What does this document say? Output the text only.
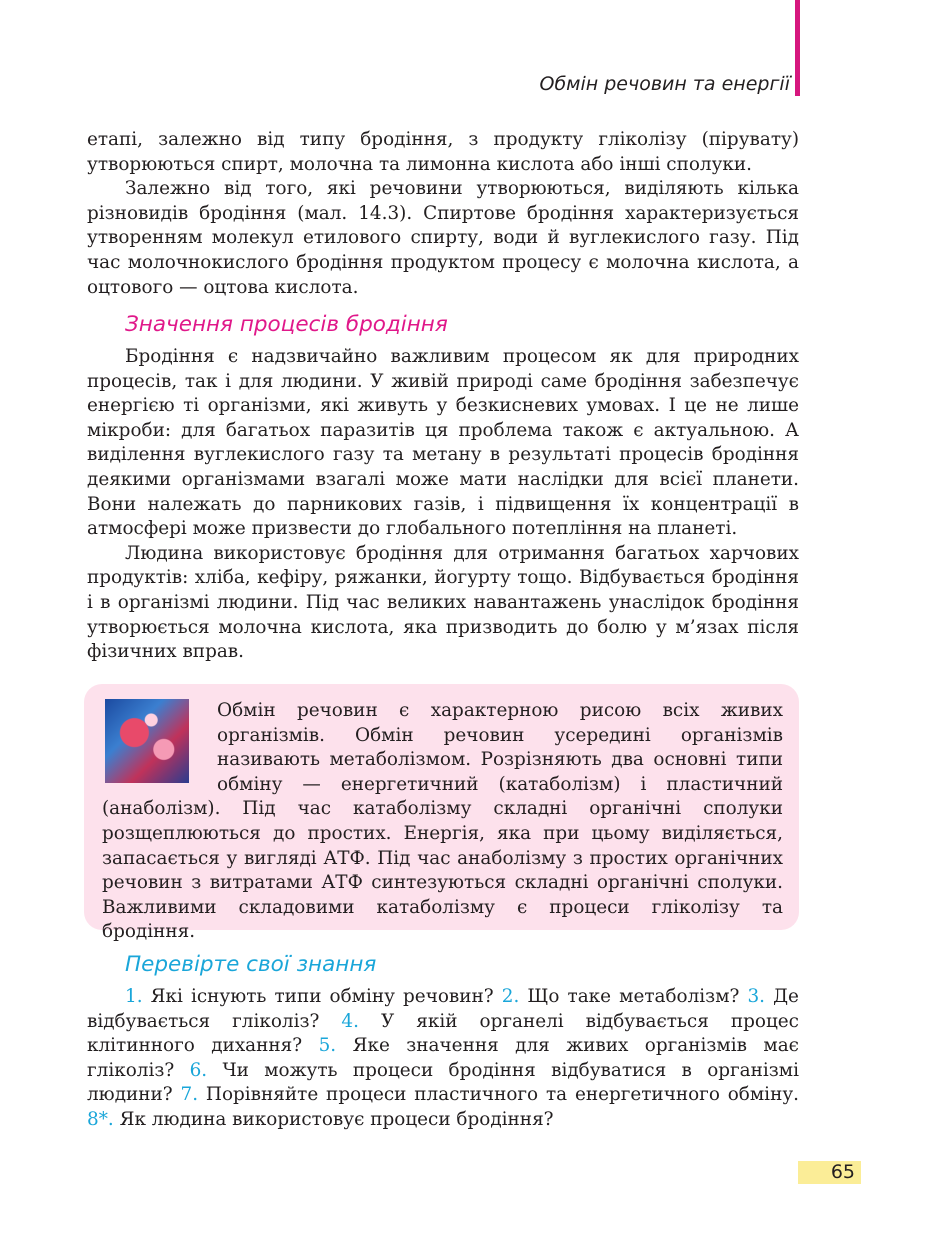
Обмін речовин та енергії

етапі, залежно від типу бродіння, з продукту гліколізу (пірувату) утворюються спирт, молочна та лимонна кислота або інші сполуки.

Залежно від того, які речовини утворюються, виділяють кілька різновидів бродіння (мал. 14.3). Спиртове бродіння характеризується утворенням молекул етилового спирту, води й вуглекислого газу. Під час молочнокислого бродіння продуктом процесу є молочна кислота, а оцтового — оцтова кислота.

Значення процесів бродіння

Бродіння є надзвичайно важливим процесом як для природних процесів, так і для людини. У живій природі саме бродіння забезпечує енергією ті організми, які живуть у безкисневих умовах. І це не лише мікроби: для багатьох паразитів ця проблема також є актуальною. А виділення вуглекислого газу та метану в результаті процесів бродіння деякими організмами взагалі може мати наслідки для всієї планети. Вони належать до парникових газів, і підвищення їх концентрації в атмосфері може призвести до глобального потепління на планеті.

Людина використовує бродіння для отримання багатьох харчових продуктів: хліба, кефіру, ряжанки, йогурту тощо. Відбувається бродіння і в організмі людини. Під час великих навантажень унаслідок бродіння утворюється молочна кислота, яка призводить до болю у м’язах після фізичних вправ.

Обмін речовин є характерною рисою всіх живих організмів. Обмін речовин усередині організмів називають метаболізмом. Розрізняють два основні типи обміну — енергетичний (катаболізм) і пластичний (анаболізм). Під час катаболізму складні органічні сполуки розщеплюються до простих. Енергія, яка при цьому виділяється, запасається у вигляді АТФ. Під час анаболізму з простих органічних речовин з витратами АТФ синтезуються складні органічні сполуки. Важливими складовими катаболізму є процеси гліколізу та бродіння.

Перевірте свої знання

1. Які існують типи обміну речовин? 2. Що таке метаболізм? 3. Де відбувається гліколіз? 4. У якій органелі відбувається процес клітинного дихання? 5. Яке значення для живих організмів має гліколіз? 6. Чи можуть процеси бродіння відбуватися в організмі людини? 7. Порівняйте процеси пластичного та енергетичного обміну. 8*. Як людина використовує процеси бродіння?

65
